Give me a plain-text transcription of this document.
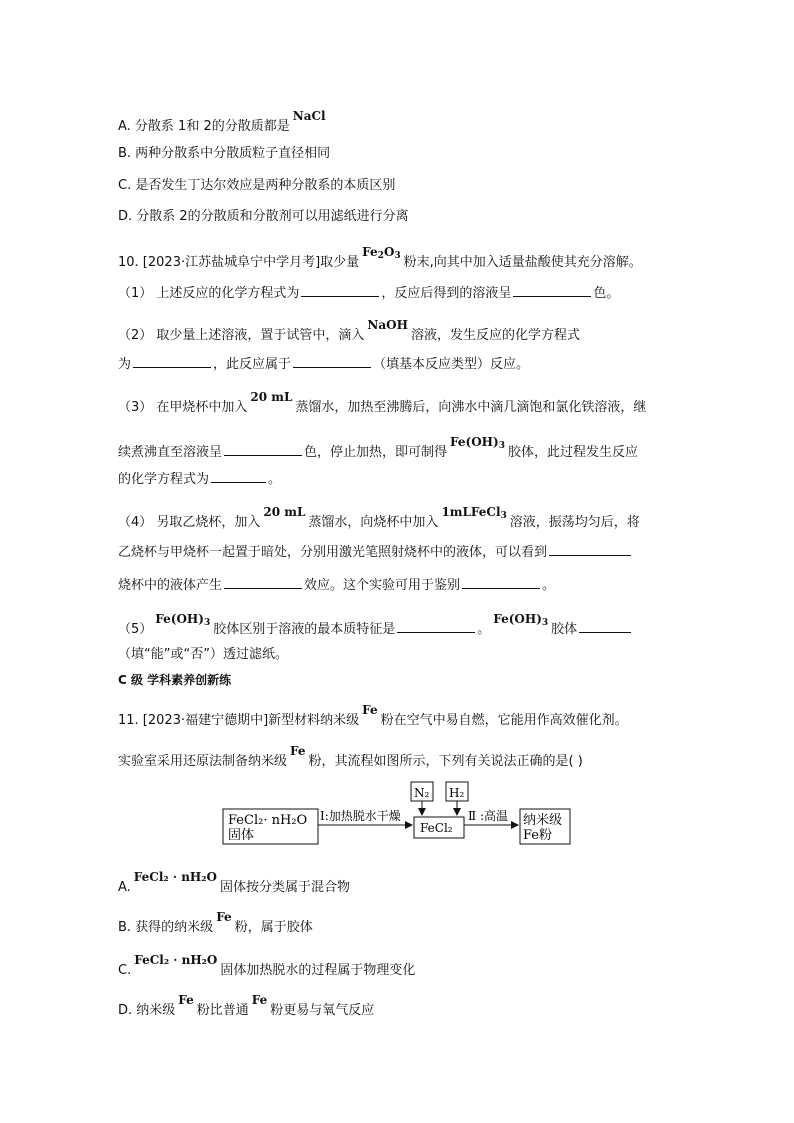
A. 分散系 1和 2的分散质都是NaCl
B. 两种分散系中分散质粒子直径相同
C. 是否发生丁达尔效应是两种分散系的本质区别
D. 分散系 2的分散质和分散剂可以用滤纸进行分离
10. [2023·江苏盐城阜宁中学月考]取少量$Fe_2O_3$ 粉末,向其中加入适量盐酸使其充分溶解。
（1） 上述反应的化学方程式为	，反应后得到的溶液呈	色。
（2） 取少量上述溶液，置于试管中，滴入NaOH溶液，发生反应的化学方程式
为	，此反应属于	（填基本反应类型）反应。
（3） 在甲烧杯中加入20 mL蒸馏水，加热至沸腾后，向沸水中滴几滴饱和氯化铁溶液，继
续煮沸直至溶液呈	色，停止加热，即可制得$Fe(OH)_3$ 胶体，此过程发生反应
的化学方程式为	。
（4） 另取乙烧杯，加入20 mL蒸馏水，向烧杯中加入1mLFeCl$_3$ 溶液，振荡均匀后，将
乙烧杯与甲烧杯一起置于暗处，分别用激光笔照射烧杯中的液体，可以看到
烧杯中的液体产生	效应。这个实验可用于鉴别	。
$(5)Fe(OH)_3$ 胶体区别于溶液的最本质特征是	。$Fe(OH)_3$ 胶体
（填“能”或“否”）透过滤纸。
C 级 学科素养创新练
11. [2023·福建宁德期中]新型材料纳米级Fe粉在空气中易自燃，它能用作高效催化剂。
实验室采用还原法制备纳米级Fe粉，其流程如图所示，下列有关说法正确的是( )
FeCl₂· nH₂O
固体
Ⅰ:加热脱水干燥
N₂ H₂
FeCl₂
Ⅱ :高温 纳米级
Fe粉
A.FeCl₂ · nH₂O固体按分类属于混合物
B. 获得的纳米级Fe粉，属于胶体
C.FeCl₂ · nH₂O固体加热脱水的过程属于物理变化
D. 纳米级Fe粉比普通Fe粉更易与氧气反应
